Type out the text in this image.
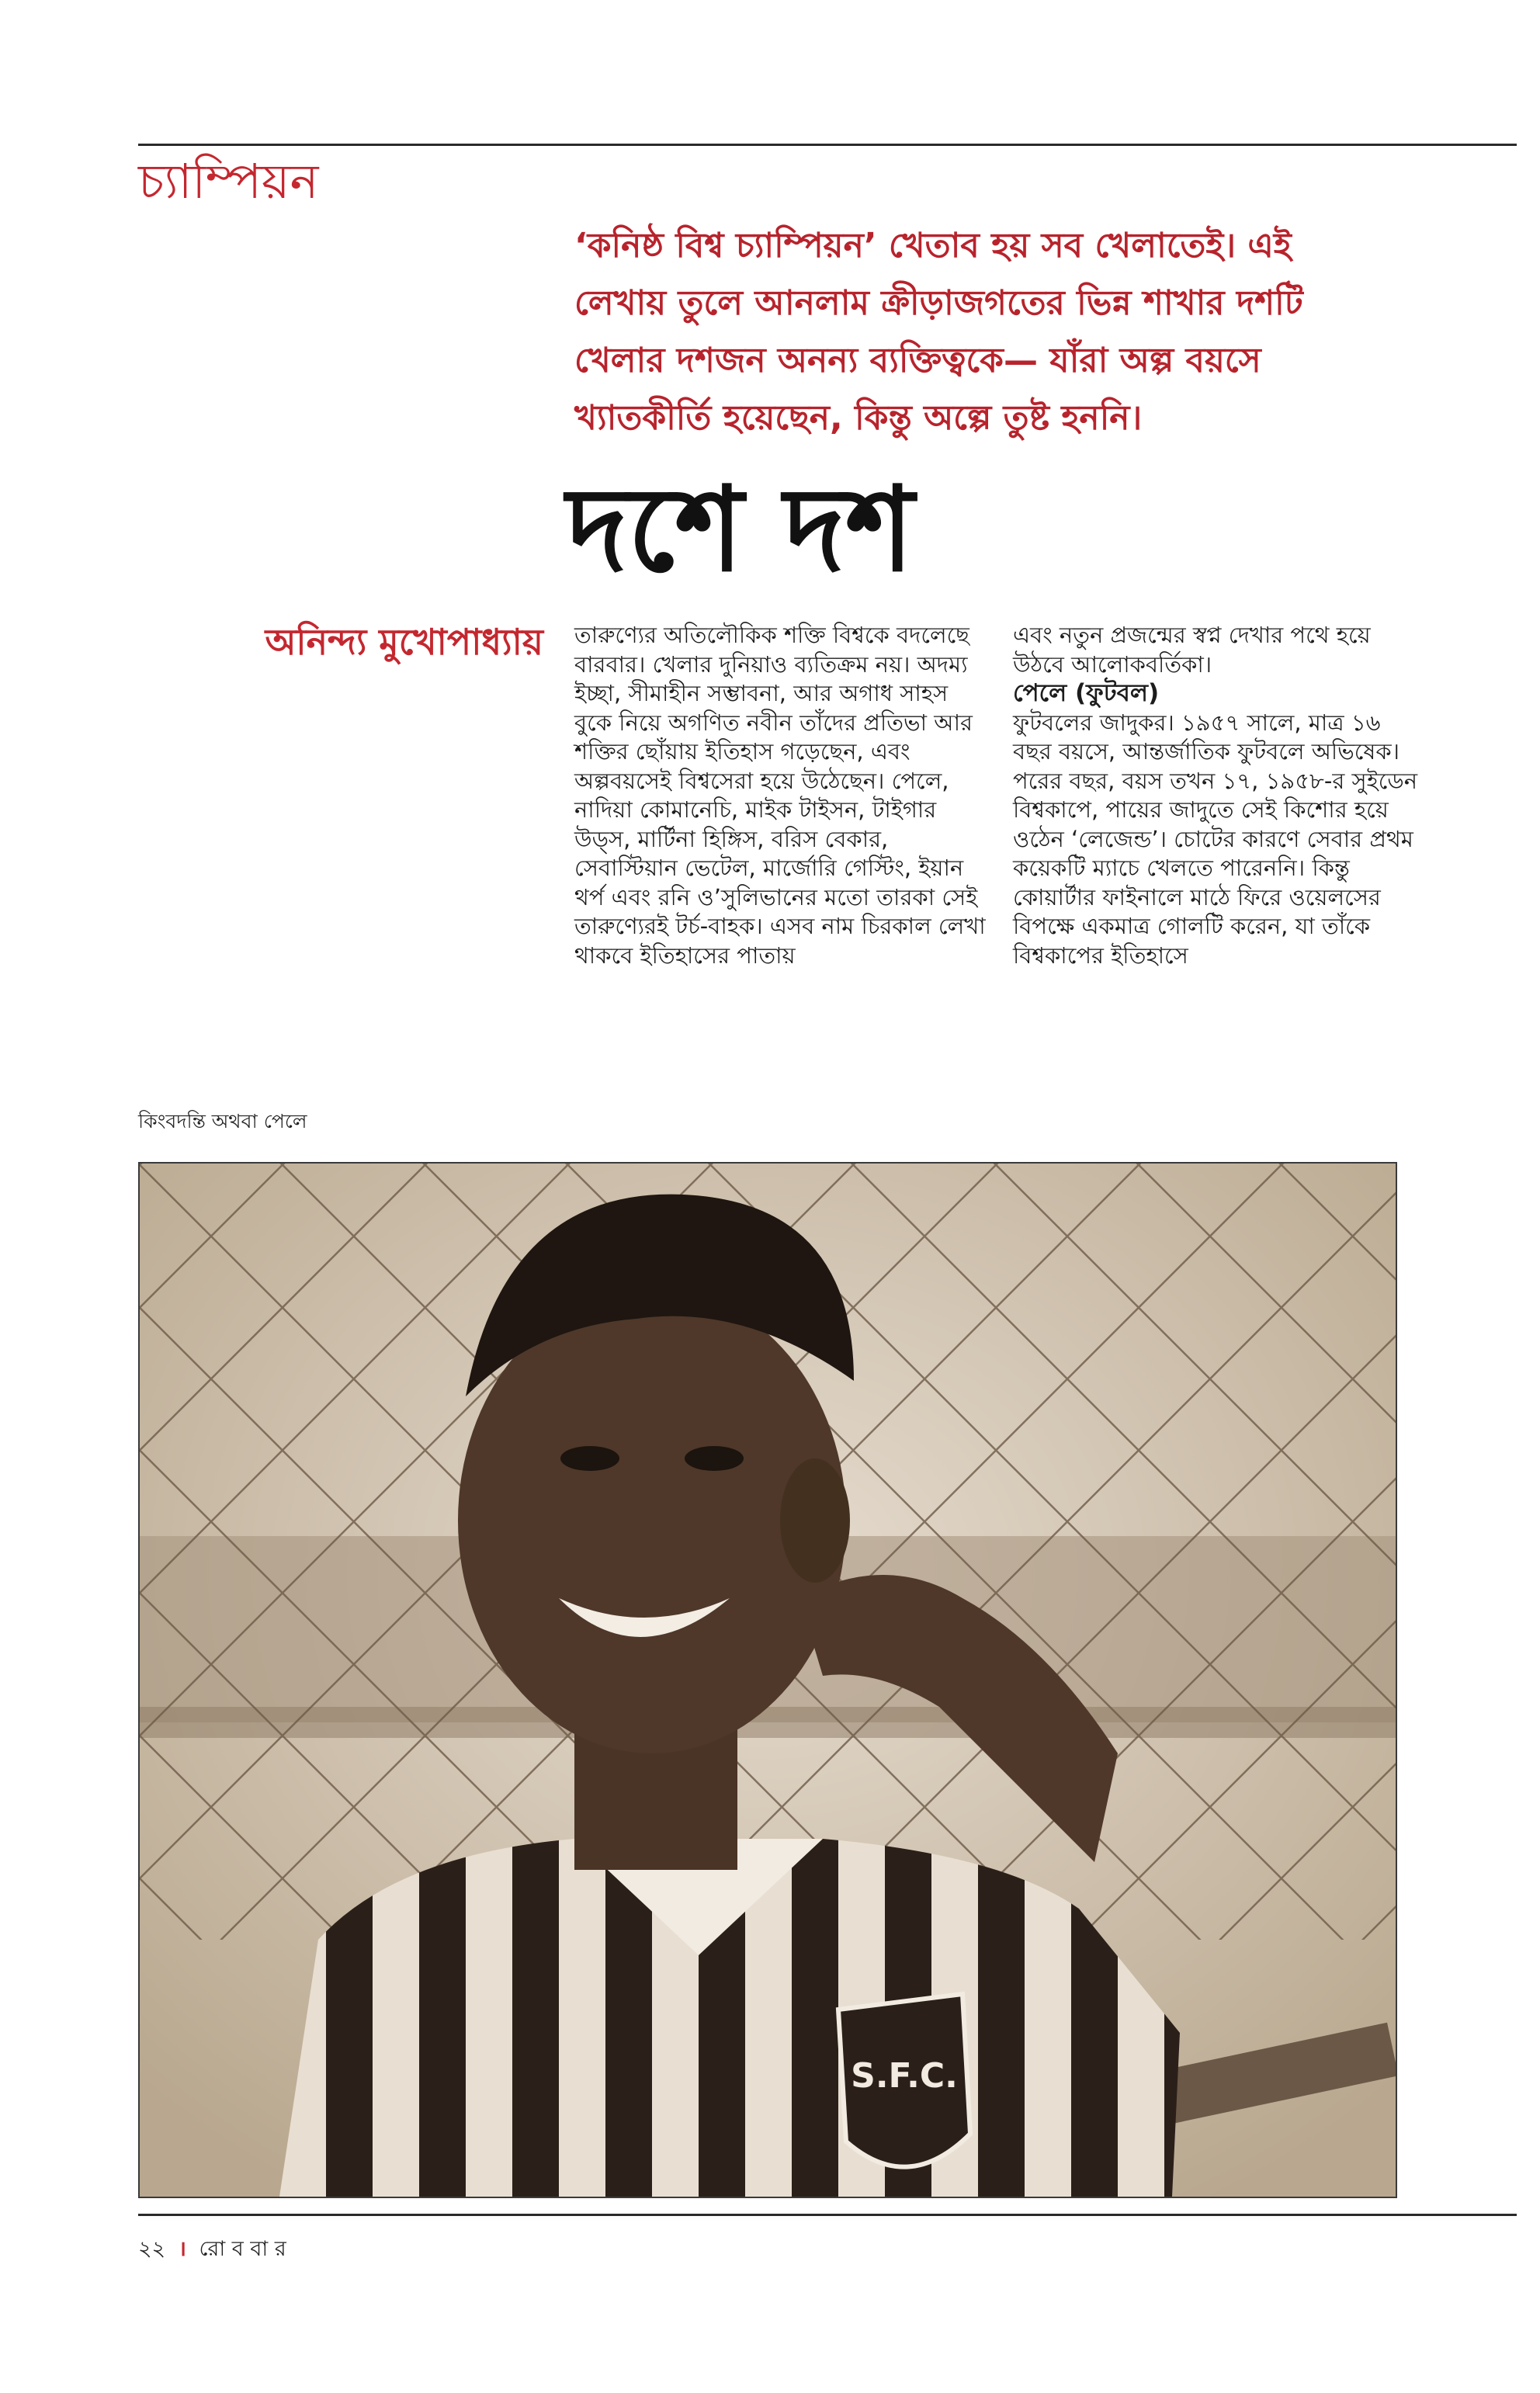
চ্যাম্পিয়ন

‘কনিষ্ঠ বিশ্ব চ্যাম্পিয়ন’ খেতাব হয় সব খেলাতেই। এই লেখায় তুলে আনলাম ক্রীড়াজগতের ভিন্ন শাখার দশটি খেলার দশজন অনন্য ব্যক্তিত্বকে— যাঁরা অল্প বয়সে খ্যাতকীর্তি হয়েছেন, কিন্তু অল্পে তুষ্ট হননি।

দশে দশ
অনিন্দ্য মুখোপাধ্যায় তারুণ্যের অতিলৌকিক শক্তি বিশ্বকে বদলেছে বারবার। খেলার দুনিয়াও ব্যতিক্রম নয়। অদম্য ইচ্ছা, সীমাহীন সম্ভাবনা, আর অগাধ সাহস বুকে নিয়ে অগণিত নবীন তাঁদের প্রতিভা আর শক্তির ছোঁয়ায় ইতিহাস গড়েছেন, এবং অল্পবয়সেই বিশ্বসেরা হয়ে উঠেছেন। পেলে, নাদিয়া কোমানেচি, মাইক টাইসন, টাইগার উড্‌স, মার্টিনা হিঙ্গিস, বরিস বেকার, সেবাস্টিয়ান ভেটেল, মার্জোরি গেস্টিং, ইয়ান থর্প এবং রনি ও’সুলিভানের মতো তারকা সেই তারুণ্যেরই টর্চ-বাহক। এসব নাম চিরকাল লেখা থাকবে ইতিহাসের পাতায়

এবং নতুন প্রজন্মের স্বপ্ন দেখার পথে হয়ে উঠবে আলোকবর্তিকা।

পেলে (ফুটবল)

ফুটবলের জাদুকর। ১৯৫৭ সালে, মাত্র ১৬ বছর বয়সে, আন্তর্জাতিক ফুটবলে অভিষেক। পরের বছর, বয়স তখন ১৭, ১৯৫৮-র সুইডেন বিশ্বকাপে, পায়ের জাদুতে সেই কিশোর হয়ে ওঠেন ‘লেজেন্ড’। চোটের কারণে সেবার প্রথম কয়েকটি ম্যাচে খেলতে পারেননি। কিন্তু কোয়ার্টার ফাইনালে মাঠে ফিরে ওয়েলসের বিপক্ষে একমাত্র গোলটি করেন, যা তাঁকে বিশ্বকাপের ইতিহাসে

কিংবদন্তি অথবা পেলে
S.F.C.
২২ । রো ব বা র
